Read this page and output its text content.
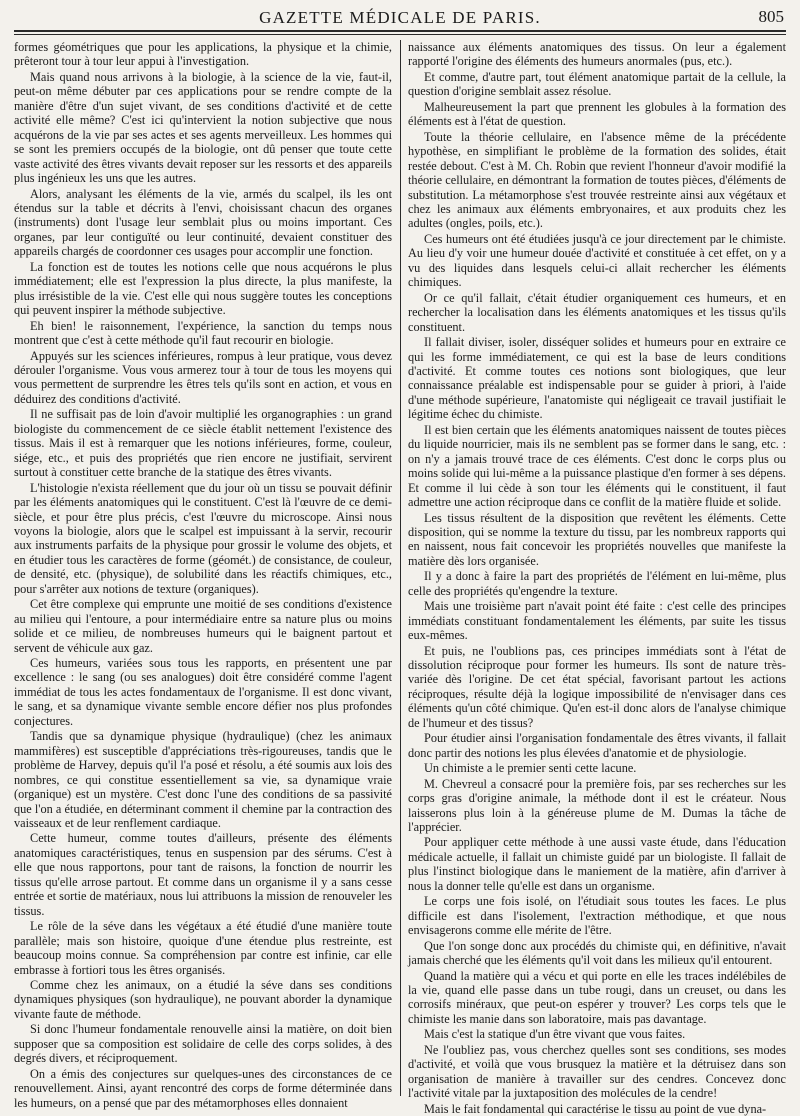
GAZETTE MÉDICALE DE PARIS.	805

formes géométriques que pour les applications, la physique et la chimie, prêteront tour à tour leur appui à l'investigation.

Mais quand nous arrivons à la biologie, à la science de la vie, faut-il, peut-on même débuter par ces applications pour se rendre compte de la manière d'être d'un sujet vivant, de ses conditions d'activité et de cette activité elle même? C'est ici qu'intervient la notion subjective que nous acquérons de la vie par ses actes et ses agents merveilleux. Les hommes qui se sont les premiers occupés de la biologie, ont dû penser que toute cette vaste activité des êtres vivants devait reposer sur les ressorts et des appareils plus ingénieux les uns que les autres.

Alors, analysant les éléments de la vie, armés du scalpel, ils les ont étendus sur la table et décrits à l'envi, choisissant chacun des organes (instruments) dont l'usage leur semblait plus ou moins important. Ces organes, par leur contiguïté ou leur continuité, devaient constituer des appareils chargés de coordonner ces usages pour accomplir une fonction.

La fonction est de toutes les notions celle que nous acquérons le plus immédiatement; elle est l'expression la plus directe, la plus manifeste, la plus irrésistible de la vie. C'est elle qui nous suggère toutes les conceptions qui peuvent inspirer la méthode subjective.

Eh bien! le raisonnement, l'expérience, la sanction du temps nous montrent que c'est à cette méthode qu'il faut recourir en biologie.

Appuyés sur les sciences inférieures, rompus à leur pratique, vous devez dérouler l'organisme. Vous vous armerez tour à tour de tous les moyens qui vous permettent de surprendre les êtres tels qu'ils sont en action, et vous en déduirez des conditions d'activité.

Il ne suffisait pas de loin d'avoir multiplié les organographies : un grand biologiste du commencement de ce siècle établit nettement l'existence des tissus. Mais il est à remarquer que les notions inférieures, forme, couleur, siége, etc., et puis des propriétés que rien encore ne justifiait, servirent surtout à constituer cette branche de la statique des êtres vivants.

L'histologie n'exista réellement que du jour où un tissu se pouvait définir par les éléments anatomiques qui le constituent. C'est là l'œuvre de ce demi-siècle, et pour être plus précis, c'est l'œuvre du microscope. Ainsi nous voyons la biologie, alors que le scalpel est impuissant à la servir, recourir aux instruments parfaits de la physique pour grossir le volume des objets, et en étudier tous les caractères de forme (géomét.) de consistance, de couleur, de densité, etc. (physique), de solubilité dans les réactifs chimiques, etc., pour s'arrêter aux notions de texture (organiques).

Cet être complexe qui emprunte une moitié de ses conditions d'existence au milieu qui l'entoure, a pour intermédiaire entre sa nature plus ou moins solide et ce milieu, de nombreuses humeurs qui le baignent partout et servent de véhicule aux gaz.

Ces humeurs, variées sous tous les rapports, en présentent une par excellence : le sang (ou ses analogues) doit être considéré comme l'agent immédiat de tous les actes fondamentaux de l'organisme. Il est donc vivant, le sang, et sa dynamique vivante semble encore défier nos plus profondes conjectures.

Tandis que sa dynamique physique (hydraulique) (chez les animaux mammifères) est susceptible d'appréciations très-rigoureuses, tandis que le problème de Harvey, depuis qu'il l'a posé et résolu, a été soumis aux lois des nombres, ce qui constitue essentiellement sa vie, sa dynamique vraie (organique) est un mystère. C'est donc l'une des conditions de sa passivité que l'on a étudiée, en déterminant comment il chemine par la contraction des vaisseaux et de leur renflement cardiaque.

Cette humeur, comme toutes d'ailleurs, présente des éléments anatomiques caractéristiques, tenus en suspension par des sérums. C'est à elle que nous rapportons, pour tant de raisons, la fonction de nourrir les tissus qu'elle arrose partout. Et comme dans un organisme il y a sans cesse entrée et sortie de matériaux, nous lui attribuons la mission de renouveler les tissus.

Le rôle de la séve dans les végétaux a été étudié d'une manière toute parallèle; mais son histoire, quoique d'une étendue plus restreinte, est beaucoup moins connue. Sa compréhension par contre est infinie, car elle embrasse à fortiori tous les êtres organisés.

Comme chez les animaux, on a étudié la séve dans ses conditions dynamiques physiques (son hydraulique), ne pouvant aborder la dynamique vivante faute de méthode.

Si donc l'humeur fondamentale renouvelle ainsi la matière, on doit bien supposer que sa composition est solidaire de celle des corps solides, à des degrés divers, et réciproquement.

On a émis des conjectures sur quelques-unes des circonstances de ce renouvellement. Ainsi, ayant rencontré des corps de forme déterminée dans les humeurs, on a pensé que par des métamorphoses elles donnaient

naissance aux éléments anatomiques des tissus. On leur a également rapporté l'origine des éléments des humeurs anormales (pus, etc.).

Et comme, d'autre part, tout élément anatomique partait de la cellule, la question d'origine semblait assez résolue.

Malheureusement la part que prennent les globules à la formation des éléments est à l'état de question.

Toute la théorie cellulaire, en l'absence même de la précédente hypothèse, en simplifiant le problème de la formation des solides, était restée debout. C'est à M. Ch. Robin que revient l'honneur d'avoir modifié la théorie cellulaire, en démontrant la formation de toutes pièces, d'éléments de substitution. La métamorphose s'est trouvée restreinte ainsi aux végétaux et chez les animaux aux éléments embryonaires, et aux produits chez les adultes (ongles, poils, etc.).

Ces humeurs ont été étudiées jusqu'à ce jour directement par le chimiste. Au lieu d'y voir une humeur douée d'activité et constituée à cet effet, on y a vu des liquides dans lesquels celui-ci allait rechercher les éléments chimiques.

Or ce qu'il fallait, c'était étudier organiquement ces humeurs, et en rechercher la localisation dans les éléments anatomiques et les tissus qu'ils constituent.

Il fallait diviser, isoler, disséquer solides et humeurs pour en extraire ce qui les forme immédiatement, ce qui est la base de leurs conditions d'activité. Et comme toutes ces notions sont biologiques, que leur connaissance préalable est indispensable pour se guider à priori, à l'aide d'une méthode supérieure, l'anatomiste qui négligeait ce travail justifiait le légitime échec du chimiste.

Il est bien certain que les éléments anatomiques naissent de toutes pièces du liquide nourricier, mais ils ne semblent pas se former dans le sang, etc. : on n'y a jamais trouvé trace de ces éléments. C'est donc le corps plus ou moins solide qui lui-même a la puissance plastique d'en former à ses dépens. Et comme il lui cède à son tour les éléments qui le constituent, il faut admettre une action réciproque dans ce conflit de la matière fluide et solide.

Les tissus résultent de la disposition que revêtent les éléments. Cette disposition, qui se nomme la texture du tissu, par les nombreux rapports qui en naissent, nous fait concevoir les propriétés nouvelles que manifeste la matière dès lors organisée.

Il y a donc à faire la part des propriétés de l'élément en lui-même, plus celle des propriétés qu'engendre la texture.

Mais une troisième part n'avait point été faite : c'est celle des principes immédiats constituant fondamentalement les éléments, par suite les tissus eux-mêmes.

Et puis, ne l'oublions pas, ces principes immédiats sont à l'état de dissolution réciproque pour former les humeurs. Ils sont de nature très-variée dès l'origine. De cet état spécial, favorisant partout les actions réciproques, résulte déjà la logique impossibilité de n'envisager dans ces éléments qu'un côté chimique. Qu'en est-il donc alors de l'analyse chimique de l'humeur et des tissus?

Pour étudier ainsi l'organisation fondamentale des êtres vivants, il fallait donc partir des notions les plus élevées d'anatomie et de physiologie.

Un chimiste a le premier senti cette lacune.

M. Chevreul a consacré pour la première fois, par ses recherches sur les corps gras d'origine animale, la méthode dont il est le créateur. Nous laisserons plus loin à la généreuse plume de M. Dumas la tâche de l'apprécier.

Pour appliquer cette méthode à une aussi vaste étude, dans l'éducation médicale actuelle, il fallait un chimiste guidé par un biologiste. Il fallait de plus l'instinct biologique dans le maniement de la matière, afin d'arriver à nous la donner telle qu'elle est dans un organisme.

Le corps une fois isolé, on l'étudiait sous toutes les faces. Le plus difficile est dans l'isolement, l'extraction méthodique, et que nous envisagerons comme elle mérite de l'être.

Que l'on songe donc aux procédés du chimiste qui, en définitive, n'avait jamais cherché que les éléments qu'il voit dans les milieux qu'il entourent.

Quand la matière qui a vécu et qui porte en elle les traces indélébiles de la vie, quand elle passe dans un tube rougi, dans un creuset, ou dans les corrosifs minéraux, que peut-on espérer y trouver? Les corps tels que le chimiste les manie dans son laboratoire, mais pas davantage.

Mais c'est la statique d'un être vivant que vous faites.

Ne l'oubliez pas, vous cherchez quelles sont ses conditions, ses modes d'activité, et voilà que vous brusquez la matière et la détruisez dans son organisation de manière à travailler sur des cendres. Concevez donc l'activité vitale par la juxtaposition des molécules de la cendre!

Mais le fait fondamental qui caractérise le tissu au point de vue dyna-
